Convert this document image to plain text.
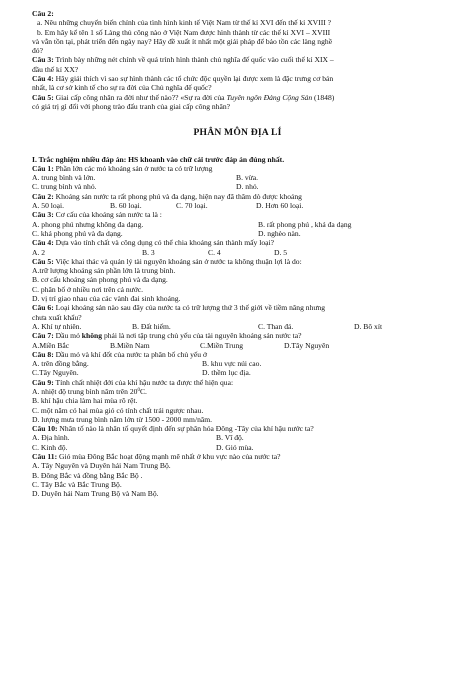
Câu 2:
a. Nêu những chuyển biến chính của tình hình kinh tế Việt Nam từ thế kỉ XVI đến thế kỉ XVIII ?
b. Em hãy kể tên 1 số Làng thủ công nào ở Việt Nam được hình thành từ các thế kỉ XVI – XVIII
và vẫn tồn tại, phát triển đến ngày nay? Hãy đề xuất ít nhất một giải pháp để bảo tồn các làng nghề
đó?
Câu 3: Trình bày những nét chính về quá trình hình thành chủ nghĩa đế quốc vào cuối thế kỉ XIX –
đầu thế kỉ XX?
Câu 4: Hãy giải thích vì sao sự hình thành các tổ chức độc quyền lại được xem là đặc trưng cơ bản
nhất, là cơ sở kinh tế cho sự ra đời của Chủ nghĩa đế quốc?
Câu 5: Giai cấp công nhân ra đời như thế nào?? «Sự ra đời của Tuyên ngôn Đảng Cộng Sản (1848)
có giá trị gì đối với phong trào đấu tranh của giai cấp công nhân?
PHÂN MÔN ĐỊA LÍ
I. Trắc nghiệm nhiều đáp án: HS khoanh vào chữ cái trước đáp án đúng nhất.
Câu 1: Phần lớn các mỏ khoáng sản ở nước ta có trữ lượng
A. trung bình và lớn.	B. vừa.
C. trung bình và nhỏ.	D. nhỏ.
Câu 2: Khoáng sản nước ta rất phong phú và đa dạng, hiện nay đã thăm dò được khoảng
A. 50 loại.	B. 60 loại.	C. 70 loại.	D. Hơn 60 loại.
Câu 3: Cơ cấu của khoáng sản nước ta là :
A. phong phú nhưng không đa dạng.	B. rất phong phú , khá đa dạng
C. khá phong phú và đa dạng.	D. nghèo nàn.
Câu 4: Dựa vào tính chất và công dụng có thể chia khoáng sản thành mấy loại?
A. 2	B. 3	C. 4	D. 5
Câu 5: Việc khai thác và quản lý tài nguyên khoáng sản ở nước ta không thuận lợi là do:
A.trữ lượng khoáng sản phần lớn là trung bình.
B. cơ cấu khoáng sản phong phú và đa dạng.
C. phân bố ở nhiều nơi trên cả nước.
D. vị trí giao nhau của các vành đai sinh khoáng.
Câu 6: Loại khoáng sản nào sau đây của nước ta có trữ lượng thứ 3 thế giới về tiềm năng nhưng
chưa xuất khẩu?
A. Khí tự nhiên.	B. Đất hiếm.	C. Than đá.	D. Bô xít
Câu 7: Dầu mỏ không phải là nơi tập trung chủ yếu của tài nguyên khoáng sản nước ta?
A.Miền Bắc	B.Miền Nam	C.Miền Trung	D.Tây Nguyên
Câu 8: Dầu mỏ và khí đốt của nước ta phân bố chủ yếu ở
A. trên đồng bằng.	B. khu vực núi cao.
C.Tây Nguyên.	D. thềm lục địa.
Câu 9: Tính chất nhiệt đới của khí hậu nước ta được thể hiện qua:
A. nhiệt độ trung bình năm trên $20^0C$.
B. khí hậu chia làm hai mùa rõ rệt.
C. một năm có hai mùa gió có tính chất trái ngược nhau.
D. lượng mưa trung bình năm lớn từ 1500 - 2000 mm/năm.
Câu 10: Nhân tố nào là nhân tố quyết định đến sự phân hóa Đông -Tây của khí hậu nước ta?
A. Địa hình.	B. Vĩ độ.
C. Kinh độ.	D. Gió mùa.
Câu 11: Gió mùa Đông Bắc hoạt động mạnh mẽ nhất ở khu vực nào của nước ta?
A. Tây Nguyên và Duyên hải Nam Trung Bộ.
B. Đông Bắc và đồng bằng Bắc Bộ .
C. Tây Bắc và Bắc Trung Bộ.
D. Duyên hải Nam Trung Bộ và Nam Bộ.
